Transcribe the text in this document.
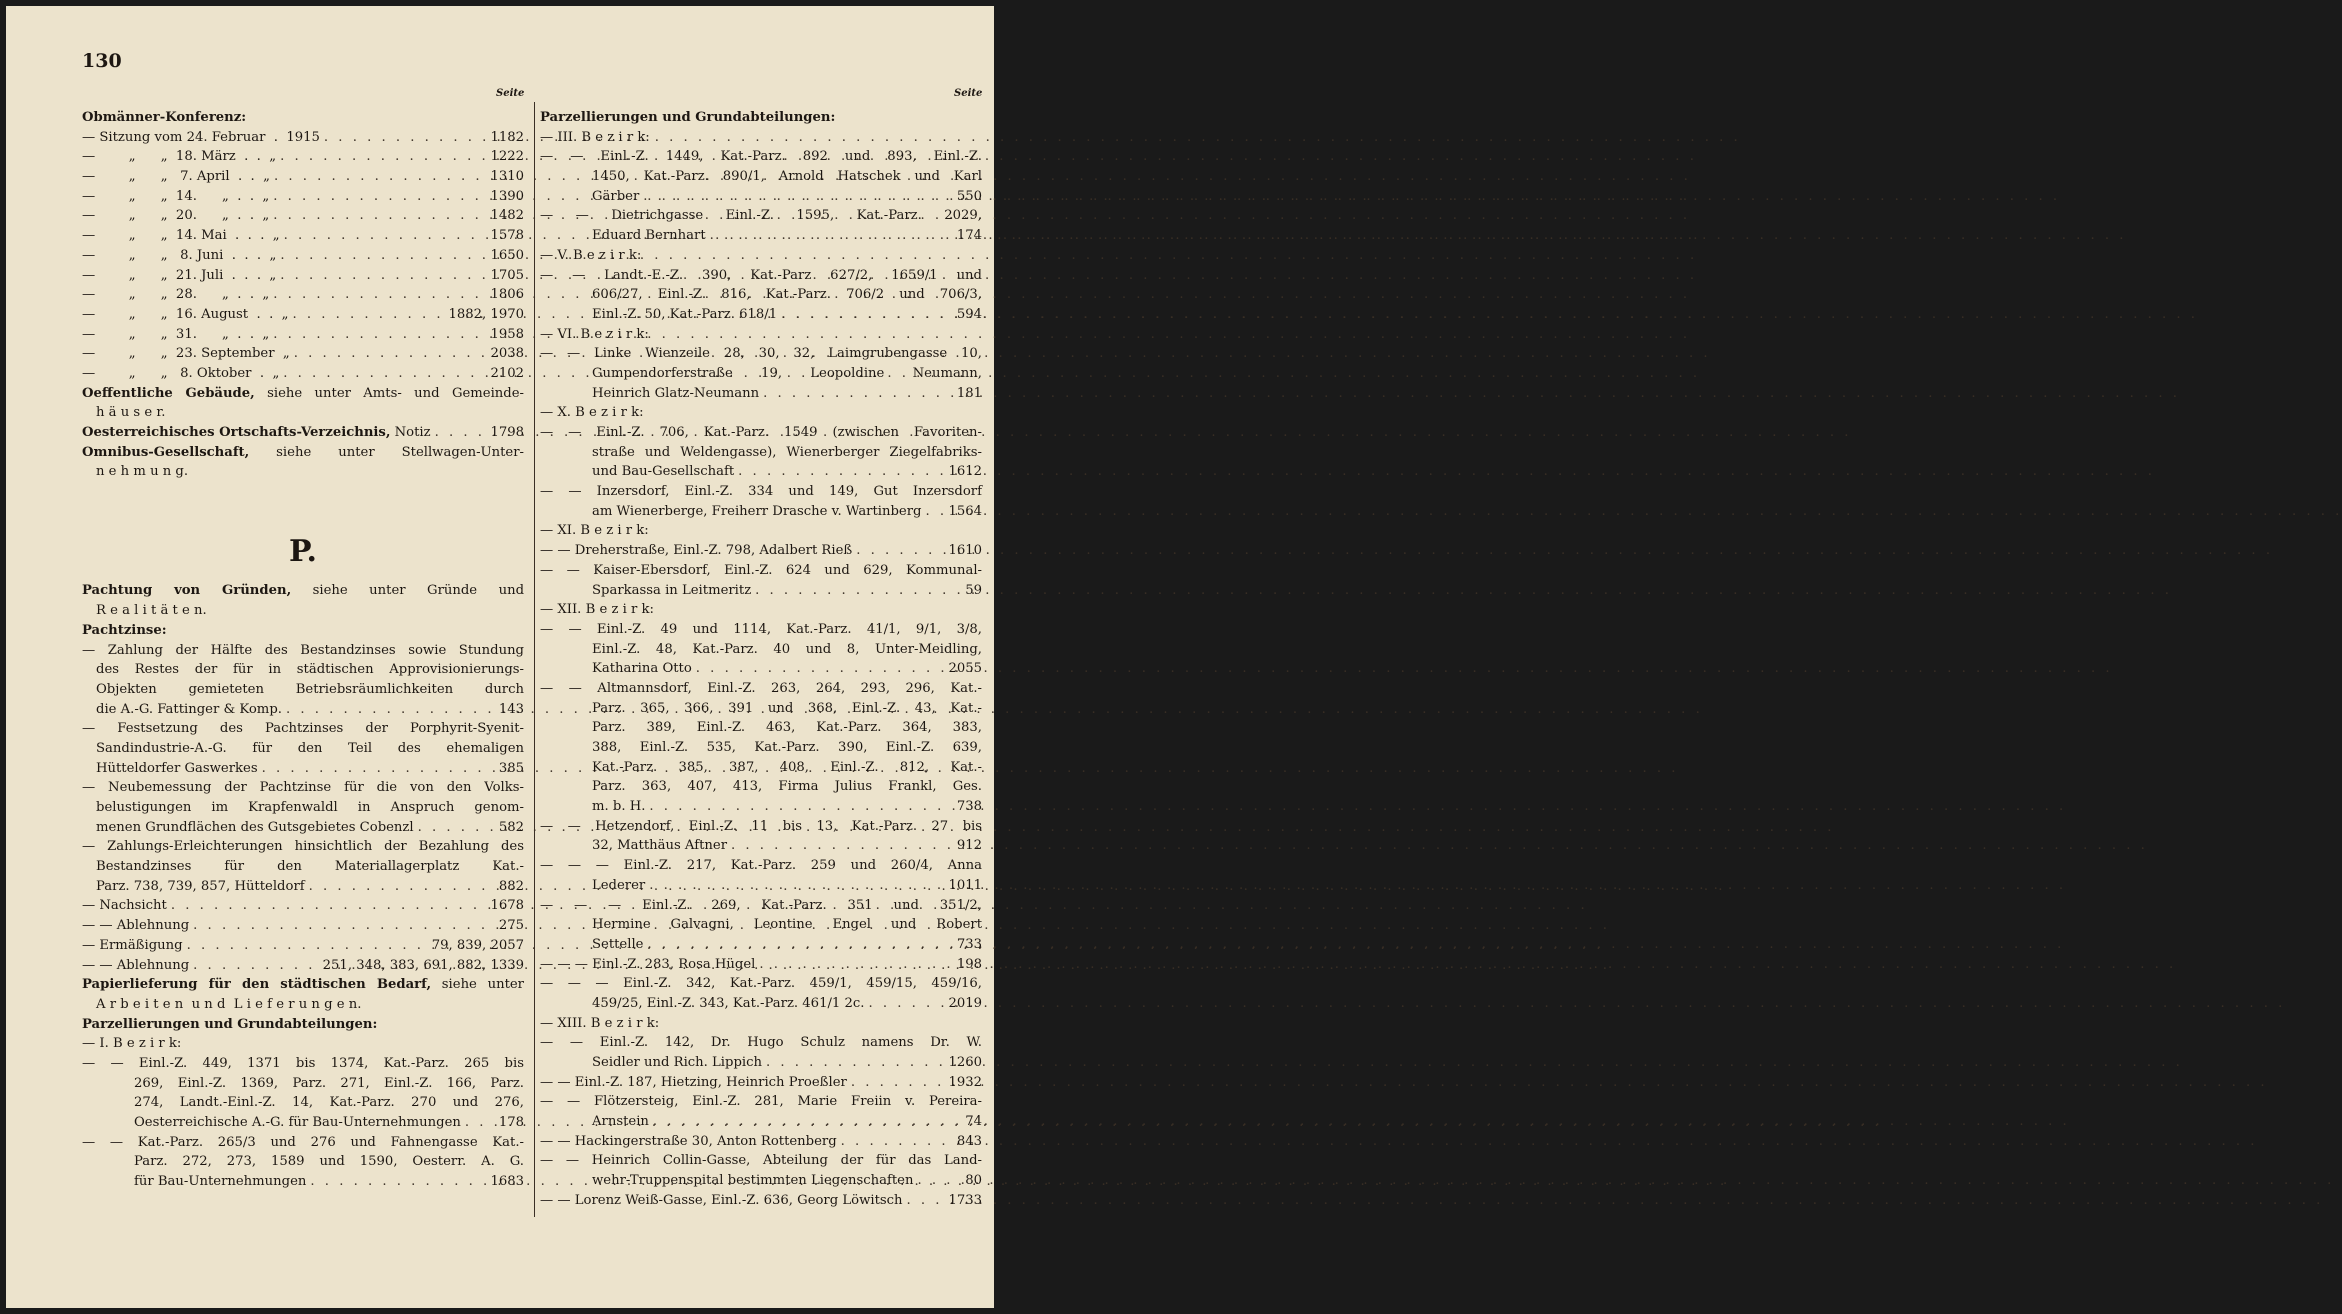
130
Seite	Seite
Obmänner-Konferenz:
— Sitzung vom 24. Februar  .  1915 . . .	1182
—        „      „  18. März  .  .  „ . . .	1222
—        „      „   7. April  .  .  „ . . .	1310
—        „      „  14.      „  .  .  „ . . .	1390
—        „      „  20.      „  .  .  „ . . .	1482
—        „      „  14. Mai  .  .  .  „ . . .	1578
—        „      „   8. Juni  .  .  .  „ . . .	1650
—        „      „  21. Juli  .  .  .  „ . . .	1705
—        „      „  28.      „  .  .  „ . . .	1806
—        „      „  16. August  .  .  „ . . .	1882, 1970
—        „      „  31.      „  .  .  „ . . .	1958
—        „      „  23. September  „ . . .	2038
—        „      „   8. Oktober  .  „ . . .	2102
Oeffentliche Gebäude, siehe unter Amts- und Gemeinde-
h ä u s e r.
Oesterreichisches Ortschafts-Verzeichnis, Notiz . . .	1798
Omnibus-Gesellschaft, siehe unter Stellwagen-Unter-
n e h m u n g.
P.
Pachtung von Gründen, siehe unter Gründe und
R e a l i t ä t e n.
Pachtzinse:
— Zahlung der Hälfte des Bestandzinses sowie Stundung
des Restes der für in städtischen Approvisionierungs-
Objekten gemieteten Betriebsräumlichkeiten durch
die A.-G. Fattinger & Komp. . . .	143
— Festsetzung des Pachtzinses der Porphyrit-Syenit-
Sandindustrie-A.-G. für den Teil des ehemaligen
Hütteldorfer Gaswerkes . . .	385
— Neubemessung der Pachtzinse für die von den Volks-
belustigungen im Krapfenwaldl in Anspruch genom-
menen Grundflächen des Gutsgebietes Cobenzl . . .	582
— Zahlungs-Erleichterungen hinsichtlich der Bezahlung des
Bestandzinses für den Materiallagerplatz Kat.-
Parz. 738, 739, 857, Hütteldorf . . .	882
— Nachsicht . . .	1678
— — Ablehnung . . .	275
— Ermäßigung . . .	79, 839, 2057
— — Ablehnung . . .	251, 348, 383, 691, 882, 1339
Papierlieferung für den städtischen Bedarf, siehe unter
A r b e i t e n  u n d  L i e f e r u n g e n.
Parzellierungen und Grundabteilungen:
— I. B e z i r k:
— — Einl.-Z. 449, 1371 bis 1374, Kat.-Parz. 265 bis
269, Einl.-Z. 1369, Parz. 271, Einl.-Z. 166, Parz.
274, Landt.-Einl.-Z. 14, Kat.-Parz. 270 und 276,
Oesterreichische A.-G. für Bau-Unternehmungen . . .	178
— — Kat.-Parz. 265/3 und 276 und Fahnengasse Kat.-
Parz. 272, 273, 1589 und 1590, Oesterr. A. G.
für Bau-Unternehmungen . . .	1683
Parzellierungen und Grundabteilungen:
— III. B e z i r k:
— — Einl.-Z. 1449, Kat.-Parz. 892 und 893, Einl.-Z.
1450, Kat.-Parz. 890/1, Arnold Hatschek und Karl
Gärber . . .	550
— — Dietrichgasse Einl.-Z. 1595, Kat.-Parz. 2029,
Eduard Bernhart . . .	174
— V. B e z i r k:
— — Landt.-E.-Z. 390, Kat.-Parz 627/2, 1659/1 und
606/27, Einl.-Z. 816, Kat.-Parz. 706/2 und 706/3,
Einl.-Z. 50, Kat.-Parz. 618/1 . . .	594
— VI. B e z i r k:
— — Linke Wienzeile 28, 30, 32, Laimgrubengasse 10,
Gumpendorferstraße 19, Leopoldine Neumann,
Heinrich Glatz-Neumann . . .	181
— X. B e z i r k:
— — Einl.-Z. 706, Kat.-Parz. 1549 (zwischen Favoriten-
straße und Weldengasse), Wienerberger Ziegelfabriks-
und Bau-Gesellschaft . . .	1612
— — Inzersdorf, Einl.-Z. 334 und 149, Gut Inzersdorf
am Wienerberge, Freiherr Drasche v. Wartinberg . . . 1564
— XI. B e z i r k:
— — Dreherstraße, Einl.-Z. 798, Adalbert Rieß . . .	1610
— — Kaiser-Ebersdorf, Einl.-Z. 624 und 629, Kommunal-
Sparkassa in Leitmeritz . . .	59
— XII. B e z i r k:
— — Einl.-Z. 49 und 1114, Kat.-Parz. 41/1, 9/1, 3/8,
Einl.-Z. 48, Kat.-Parz. 40 und 8, Unter-Meidling,
Katharina Otto . . .	2055
— — Altmannsdorf, Einl.-Z. 263, 264, 293, 296, Kat.-
Parz. 365, 366, 391 und 368, Einl.-Z. 43, Kat.-
Parz. 389, Einl.-Z. 463, Kat.-Parz. 364, 383,
388, Einl.-Z. 535, Kat.-Parz. 390, Einl.-Z. 639,
Kat.-Parz. 385, 387, 408, Einl.-Z. 812, Kat.-
Parz. 363, 407, 413, Firma Julius Frankl, Ges.
m. b. H. . . .	738
— — Hetzendorf, Einl.-Z. 11 bis 13, Kat.-Parz. 27 bis
32, Matthäus Aftner . . .	912
— — — Einl.-Z. 217, Kat.-Parz. 259 und 260/4, Anna
Lederer . . .	1011
— — — Einl.-Z. 269, Kat.-Parz. 351 und 351/2,
Hermine Galvagni, Leontine Engel und Robert
Settelle . . .	733
— — — Einl.-Z. 283, Rosa Hügel . . .	198
— — — Einl.-Z. 342, Kat.-Parz. 459/1, 459/15, 459/16,
459/25, Einl.-Z. 343, Kat.-Parz. 461/1 2c. . . .	2019
— XIII. B e z i r k:
— — Einl.-Z. 142, Dr. Hugo Schulz namens Dr. W.
Seidler und Rich. Lippich . . .	1260
— — Einl.-Z. 187, Hietzing, Heinrich Proeßler . . .	1932
— — Flötzersteig, Einl.-Z. 281, Marie Freiin v. Pereira-
Arnstein . . .	74
— — Hackingerstraße 30, Anton Rottenberg . . .	843
— — Heinrich Collin-Gasse, Abteilung der für das Land-
wehr-Truppenspital bestimmten Liegenschaften . . .	80
— — Lorenz Weiß-Gasse, Einl.-Z. 636, Georg Löwitsch . . .	1733
